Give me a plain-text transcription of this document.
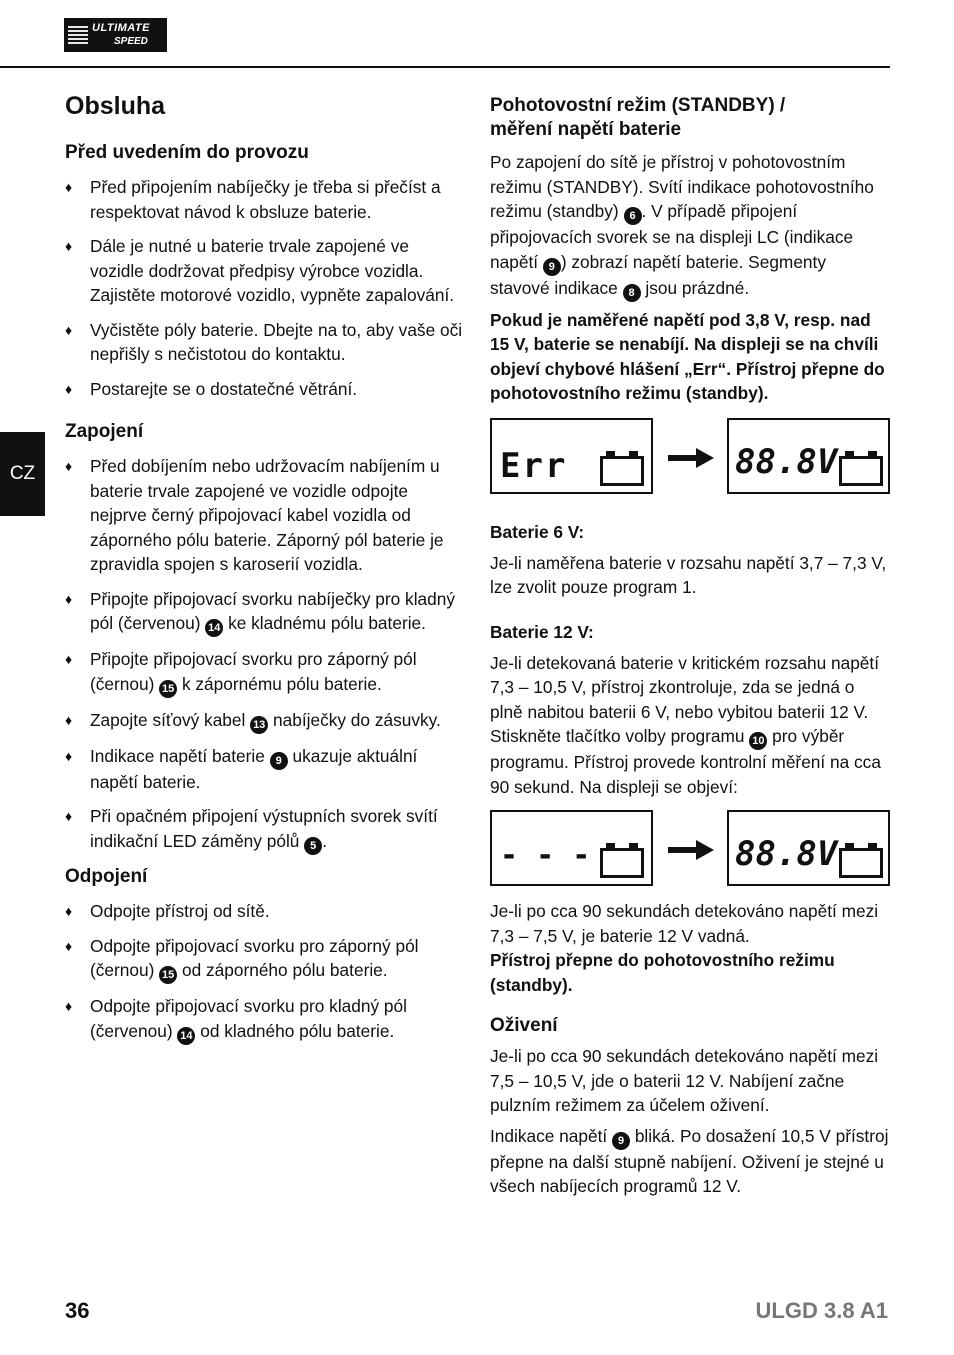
ULTIMATE
SPEED
CZ
Obsluha
Před uvedením do provozu
♦ Před připojením nabíječky je třeba si přečíst a respektovat návod k obsluze baterie.
♦ Dále je nutné u baterie trvale zapojené ve vozidle dodržovat předpisy výrobce vozidla. Zajistěte motorové vozidlo, vypněte zapalování.
♦ Vyčistěte póly baterie. Dbejte na to, aby vaše oči nepřišly s nečistotou do kontaktu.
♦ Postarejte se o dostatečné větrání.
Zapojení
♦ Před dobíjením nebo udržovacím nabíjením u baterie trvale zapojené ve vozidle odpojte nejprve černý připojovací kabel vozidla od záporného pólu baterie. Záporný pól baterie je zpravidla spojen s karoserií vozidla.
♦ Připojte připojovací svorku nabíječky pro kladný pól (červenou) 14 ke kladnému pólu baterie.
♦ Připojte připojovací svorku pro záporný pól (černou) 15 k zápornému pólu baterie.
♦ Zapojte síťový kabel 13 nabíječky do zásuvky.
♦ Indikace napětí baterie 9 ukazuje aktuální napětí baterie.
♦ Při opačném připojení výstupních svorek svítí indikační LED záměny pólů 5 .
Odpojení
♦ Odpojte přístroj od sítě.
♦ Odpojte připojovací svorku pro záporný pól (černou) 15 od záporného pólu baterie.
♦ Odpojte připojovací svorku pro kladný pól (červenou) 14 od kladného pólu baterie.
Pohotovostní režim (STANDBY) / měření napětí baterie

Po zapojení do sítě je přístroj v pohotovostním režimu (STANDBY). Svítí indikace pohotovostního režimu (standby) 6 . V případě připojení připojovacích svorek se na displeji LC (indikace napětí 9 ) zobrazí napětí baterie. Segmenty stavové indikace 8 jsou prázdné.

Pokud je naměřené napětí pod 3,8 V, resp. nad 15 V, baterie se nenabíjí. Na displeji se na chvíli objeví chybové hlášení „Err“. Přístroj přepne do pohotovostního režimu (standby).

Err	88.8V

Baterie 6 V:

Je-li naměřena baterie v rozsahu napětí 3,7 – 7,3 V, lze zvolit pouze program 1.

Baterie 12 V:

Je-li detekovaná baterie v kritickém rozsahu napětí 7,3 – 10,5 V, přístroj zkontroluje, zda se jedná o plně nabitou baterii 6 V, nebo vybitou baterii 12 V. Stiskněte tlačítko volby programu 10 pro výběr programu. Přístroj provede kontrolní měření na cca 90 sekund. Na displeji se objeví:

- - -	88.8V

Je-li po cca 90 sekundách detekováno napětí mezi 7,3 – 7,5 V, je baterie 12 V vadná.

Přístroj přepne do pohotovostního režimu (standby).

Oživení

Je-li po cca 90 sekundách detekováno napětí mezi 7,5 – 10,5 V, jde o baterii 12 V. Nabíjení začne pulzním režimem za účelem oživení.

Indikace napětí 9 bliká. Po dosažení 10,5 V přístroj přepne na další stupně nabíjení. Oživení je stejné u všech nabíjecích programů 12 V.

36	ULGD 3.8 A1
